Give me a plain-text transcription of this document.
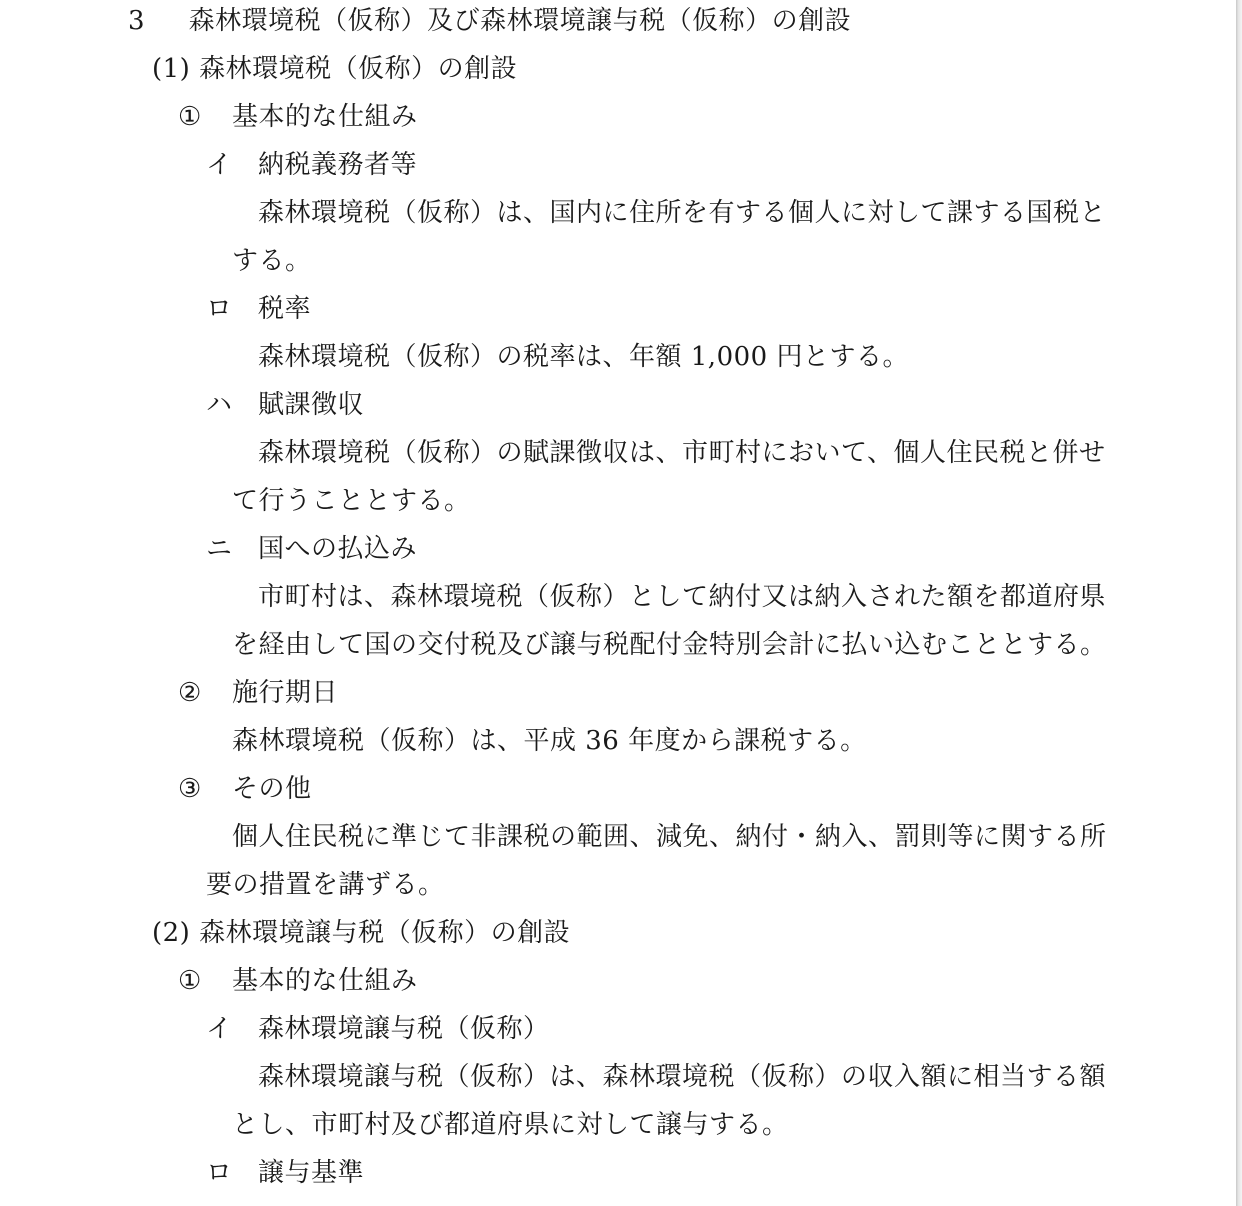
3 森林環境税（仮称）及び森林環境譲与税（仮称）の創設
(1) 森林環境税（仮称）の創設
① 基本的な仕組み
イ 納税義務者等
森林環境税（仮称）は、国内に住所を有する個人に対して課する国税と
する。
ロ 税率
森林環境税（仮称）の税率は、年額 1,000 円とする。
ハ 賦課徴収
森林環境税（仮称）の賦課徴収は、市町村において、個人住民税と併せ
て行うこととする。
ニ 国への払込み
市町村は、森林環境税（仮称）として納付又は納入された額を都道府県
を経由して国の交付税及び譲与税配付金特別会計に払い込むこととする。
② 施行期日
森林環境税（仮称）は、平成 36 年度から課税する。
③ その他
個人住民税に準じて非課税の範囲、減免、納付・納入、罰則等に関する所
要の措置を講ずる。
(2) 森林環境譲与税（仮称）の創設
① 基本的な仕組み
イ 森林環境譲与税（仮称）
森林環境譲与税（仮称）は、森林環境税（仮称）の収入額に相当する額
とし、市町村及び都道府県に対して譲与する。
ロ 譲与基準
